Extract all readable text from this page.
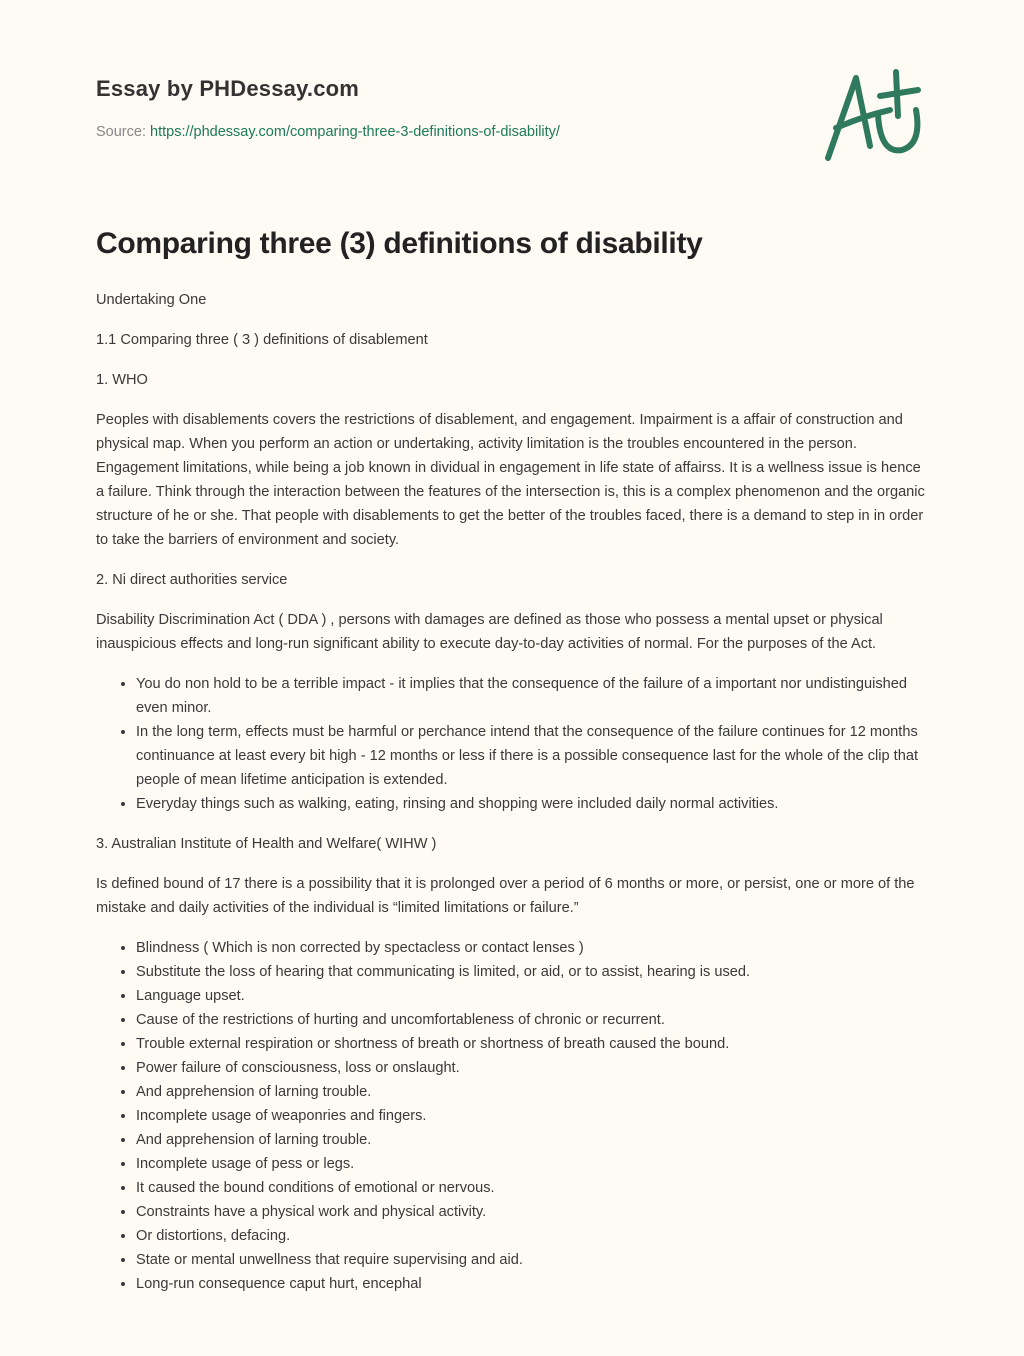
Essay by PHDessay.com
Source: https://phdessay.com/comparing-three-3-definitions-of-disability/
Comparing three (3) definitions of disability

Undertaking One

1.1 Comparing three ( 3 ) definitions of disablement

1. WHO

Peoples with disablements covers the restrictions of disablement, and engagement. Impairment is a affair of construction and physical map. When you perform an action or undertaking, activity limitation is the troubles encountered in the person. Engagement limitations, while being a job known in dividual in engagement in life state of affairss. It is a wellness issue is hence a failure. Think through the interaction between the features of the intersection is, this is a complex phenomenon and the organic structure of he or she. That people with disablements to get the better of the troubles faced, there is a demand to step in in order to take the barriers of environment and society.

2. Ni direct authorities service

Disability Discrimination Act ( DDA ) , persons with damages are defined as those who possess a mental upset or physical inauspicious effects and long-run significant ability to execute day-to-day activities of normal. For the purposes of the Act.

• You do non hold to be a terrible impact - it implies that the consequence of the failure of a important nor undistinguished even minor.
• In the long term, effects must be harmful or perchance intend that the consequence of the failure continues for 12 months continuance at least every bit high - 12 months or less if there is a possible consequence last for the whole of the clip that people of mean lifetime anticipation is extended.
• Everyday things such as walking, eating, rinsing and shopping were included daily normal activities.

3. Australian Institute of Health and Welfare( WIHW )

Is defined bound of 17 there is a possibility that it is prolonged over a period of 6 months or more, or persist, one or more of the mistake and daily activities of the individual is “limited limitations or failure.”

• Blindness ( Which is non corrected by spectacless or contact lenses )
• Substitute the loss of hearing that communicating is limited, or aid, or to assist, hearing is used.
• Language upset.
• Cause of the restrictions of hurting and uncomfortableness of chronic or recurrent.
• Trouble external respiration or shortness of breath or shortness of breath caused the bound.
• Power failure of consciousness, loss or onslaught.
• And apprehension of larning trouble.
• Incomplete usage of weaponries and fingers.
• And apprehension of larning trouble.
• Incomplete usage of pess or legs.
• It caused the bound conditions of emotional or nervous.
• Constraints have a physical work and physical activity.
• Or distortions, defacing.
• State or mental unwellness that require supervising and aid.
• Long-run consequence caput hurt, encephal
